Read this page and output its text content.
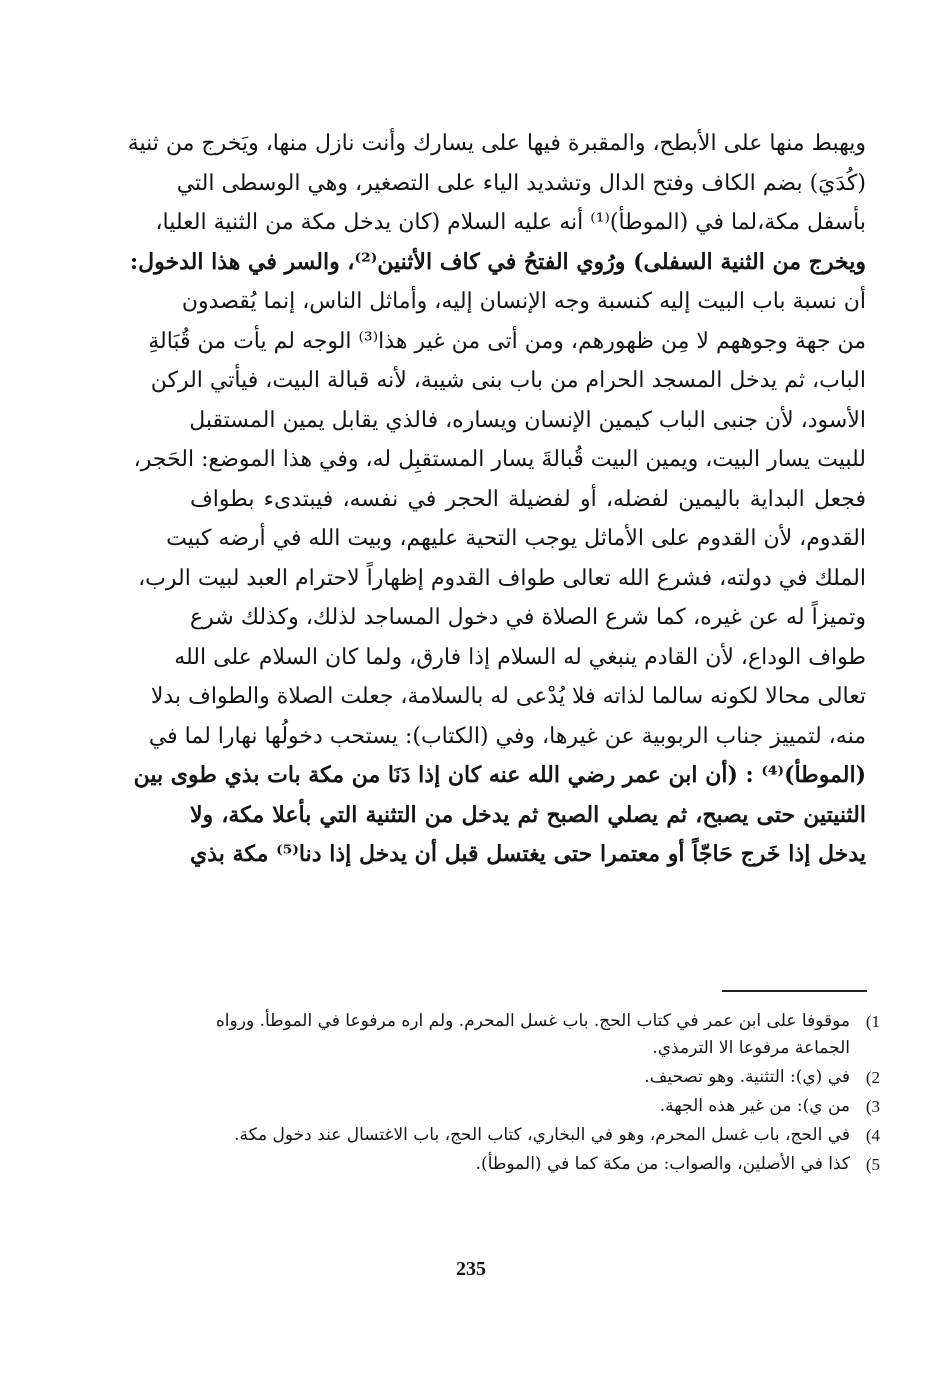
ويهبط منها على الأبطح، والمقبرة فيها على يسارك وأنت نازل منها، ويَخرج من ثنية
(كُدَيَ) بضم الكاف وفتح الدال وتشديد الياء على التصغير، وهي الوسطى التي
بأسفل مكة،لما في (الموطأ)⁽¹⁾ أنه عليه السلام (كان يدخل مكة من الثنية العليا،
ويخرج من الثنية السفلى) ورُوي الفتحُ في كاف الأثنين⁽²⁾، والسر في هذا الدخول:
أن نسبة باب البيت إليه كنسبة وجه الإنسان إليه، وأماثل الناس، إنما يُقصدون
من جهة وجوههم لا مِن ظهورهم، ومن أتى من غير هذا⁽³⁾ الوجه لم يأت من قُبَالةِ
الباب، ثم يدخل المسجد الحرام من باب بنى شيبة، لأنه قبالة البيت، فيأتي الركن
الأسود، لأن جنبى الباب كيمين الإنسان ويساره، فالذي يقابل يمين المستقبل
للبيت يسار البيت، ويمين البيت قُبالةَ يسار المستقبِل له، وفي هذا الموضع: الحَجر،
فجعل البداية باليمين لفضله، أو لفضيلة الحجر في نفسه، فيبتدىء بطواف
القدوم، لأن القدوم على الأماثل يوجب التحية عليهم، وبيت الله في أرضه كبيت
الملك في دولته، فشرع الله تعالى طواف القدوم إظهاراً لاحترام العبد لبيت الرب،
وتميزاً له عن غيره، كما شرع الصلاة في دخول المساجد لذلك، وكذلك شرع
طواف الوداع، لأن القادم ينبغي له السلام إذا فارق، ولما كان السلام على الله
تعالى محالا لكونه سالما لذاته فلا يُدْعى له بالسلامة، جعلت الصلاة والطواف بدلا
منه، لتمييز جناب الربوبية عن غيرها، وفي (الكتاب): يستحب دخولُها نهارا لما في
(الموطأ)⁽⁴⁾ : (أن ابن عمر رضي الله عنه كان إذا دَنَا من مكة بات بذي طوى بين
الثنيتين حتى يصبح، ثم يصلي الصبح ثم يدخل من التثنية التي بأعلا مكة، ولا
يدخل إذا خَرج حَاجّاً أو معتمرا حتى يغتسل قبل أن يدخل إذا دنا⁽⁵⁾ مكة بذي
(1
موقوفا على ابن عمر في كتاب الحج. باب غسل المحرم. ولم اره مرفوعا في الموطأ. ورواه الجماعة مرفوعا الا الترمذي.
(2
في (ي): التثنية. وهو تصحيف.
(3
من ي): من غير هذه الجهة.
(4
في الحج، باب غسل المحرم، وهو في البخاري، كتاب الحج، باب الاغتسال عند دخول مكة.
(5
كذا في الأصلين، والصواب: من مكة كما في (الموطأ).
235
